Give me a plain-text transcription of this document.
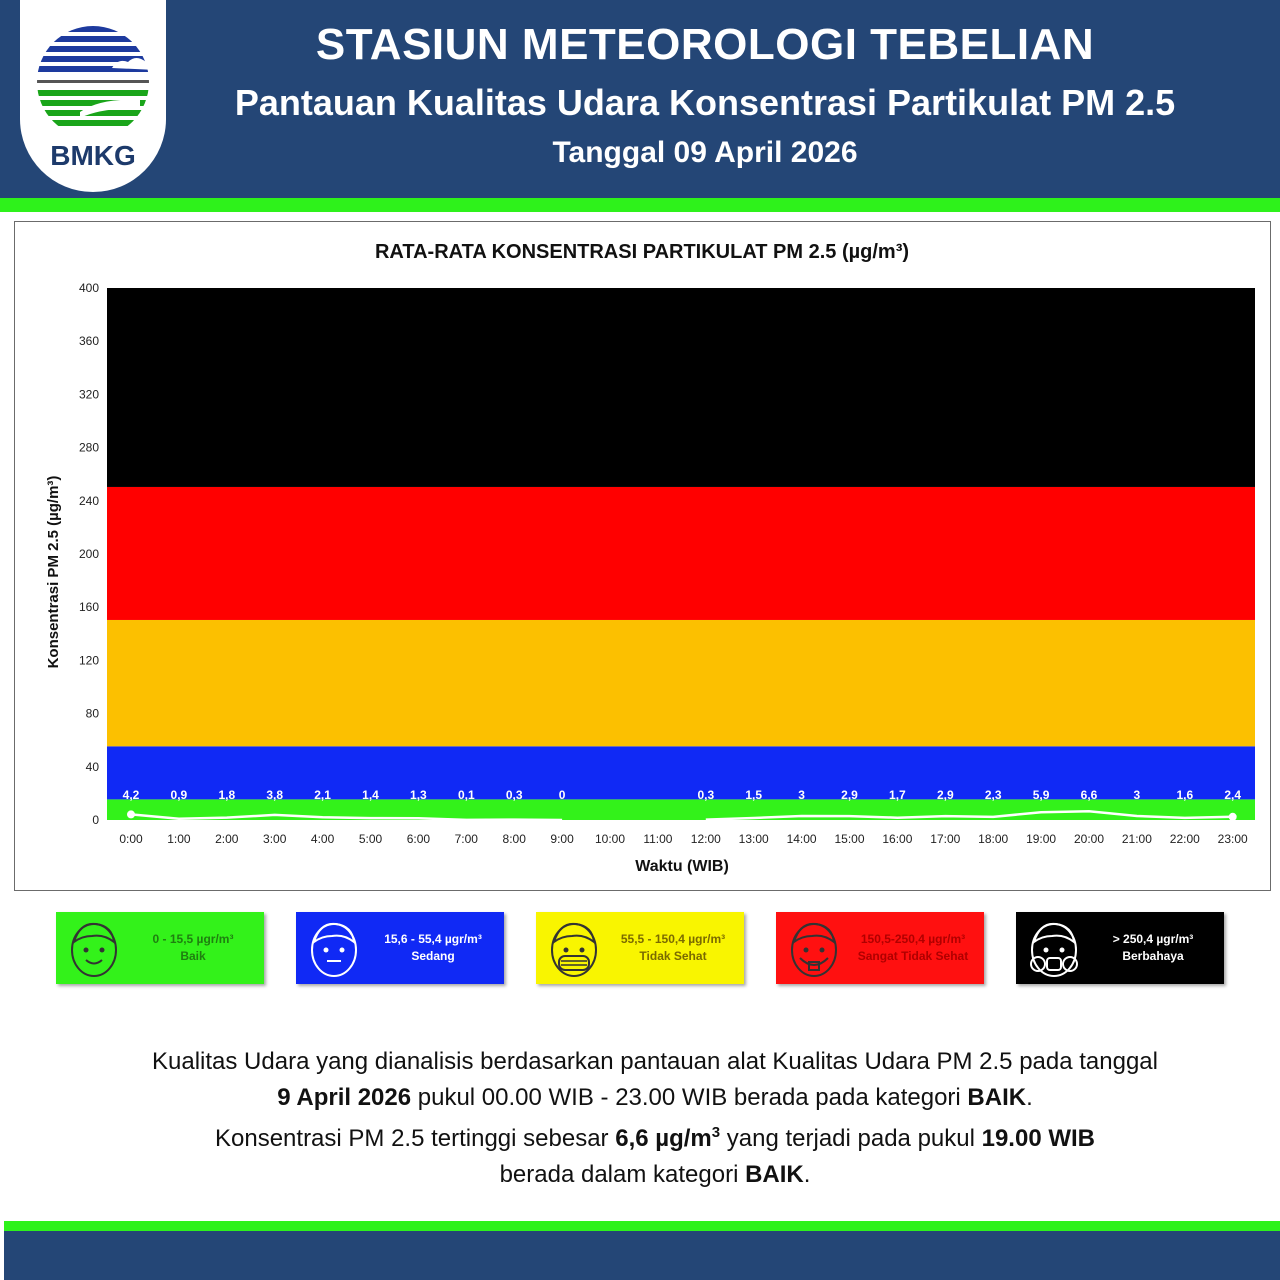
BMKG
STASIUN METEOROLOGI TEBELIAN
Pantauan Kualitas Udara Konsentrasi Partikulat PM 2.5
Tanggal 09 April 2026
RATA-RATA KONSENTRASI PARTIKULAT PM 2.5 (µg/m³)
Konsentrasi PM 2.5 (µg/m³)
Waktu (WIB)
0
40
80
120
160
200
240
280
320
360
400
0:00 1:00 2:00 3:00 4:00 5:00 6:00 7:00 8:00 9:00 10:00 11:00 12:00 13:00 14:00 15:00 16:00 17:00 18:00 19:00 20:00 21:00 22:00 23:00
4,2	0,9	1,8	3,8	2,1	1,4	1,3	0,1	0,3	0	0,3	1,5	3	2,9	1,7	2,9	2,3	5,9	6,6	3	1,6	2,4
0 - 15,5 µgr/m³
Baik
15,6 - 55,4 µgr/m³
Sedang
55,5 - 150,4 µgr/m³
Tidak Sehat
150,5-250,4 µgr/m³
Sangat Tidak Sehat
> 250,4 µgr/m³
Berbahaya
Kualitas Udara yang dianalisis berdasarkan pantauan alat Kualitas Udara PM 2.5 pada tanggal
9 April 2026 pukul 00.00 WIB - 23.00 WIB berada pada kategori BAIK.
Konsentrasi PM 2.5 tertinggi sebesar 6,6 $\mu g/m^3$ yang terjadi pada pukul 19.00 WIB
berada dalam kategori BAIK.
